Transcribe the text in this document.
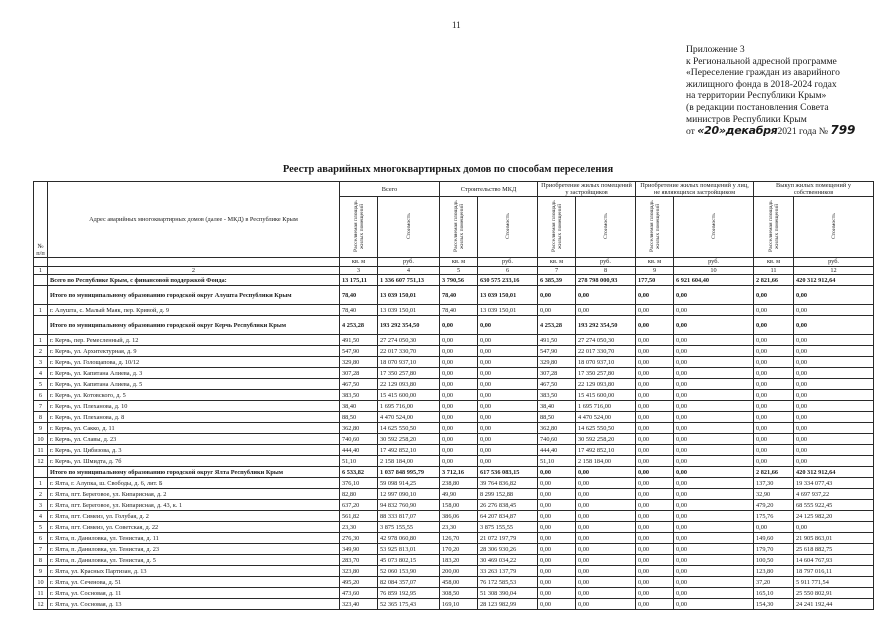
11
Приложение 3
к Региональной адресной программе
«Переселение граждан из аварийного
жилищного фонда в 2018-2024 годах
на территории Республики Крым»
(в редакции постановления Совета
министров Республики Крым
от «20»декабря2021 года № 799
Реестр аварийных многоквартирных домов по способам переселения
№ п/п	Адрес аварийных многоквартирных домов (далее - МКД) в Республике Крым	Всего		Строительство МКД		Приобретение жилых помещений у застройщиков		Приобретение жилых помещений у лиц, не являющихся застройщиком		Выкуп жилых помещений у собственников	
		Расселяемая площадь жилых помещений	Стоимость	Расселяемая площадь жилых помещений	Стоимость	Расселяемая площадь жилых помещений	Стоимость	Расселяемая площадь жилых помещений	Стоимость	Расселяемая площадь жилых помещений	Стоимость
		кв. м	руб.	кв. м	руб.	кв. м	руб.	кв. м	руб.	кв. м	руб.
1	2	3	4	5	6	7	8	9	10	11	12
	Всего по Республике Крым, с финансовой поддержкой Фонда:	13 175,11	1 336 607 751,13	3 790,56	630 575 233,16	6 385,39	278 798 000,93	177,50	6 921 604,40	2 821,66	420 312 912,64
	Итого по муниципальному образованию городской округ Алушта Республики Крым	78,40	13 039 150,01	78,40	13 039 150,01	0,00	0,00	0,00	0,00	0,00	0,00
1	г. Алушта, с. Малый Маяк, пер. Кривой, д. 9	78,40	13 039 150,01	78,40	13 039 150,01	0,00	0,00	0,00	0,00	0,00	0,00
	Итого по муниципальному образованию городской округ Керчь Республики Крым	4 253,28	193 292 354,50	0,00	0,00	4 253,28	193 292 354,50	0,00	0,00	0,00	0,00
1	г. Керчь, пер. Ремесленный, д. 12	491,50	27 274 050,30	0,00	0,00	491,50	27 274 050,30	0,00	0,00	0,00	0,00
2	г. Керчь, ул. Архитектурная, д. 9	547,90	22 017 330,70	0,00	0,00	547,90	22 017 330,70	0,00	0,00	0,00	0,00
3	г. Керчь, ул. Голощапова, д. 10/12	329,80	18 070 937,10	0,00	0,00	329,80	18 070 937,10	0,00	0,00	0,00	0,00
4	г. Керчь, ул. Капитана Алиева, д. 3	307,28	17 350 257,80	0,00	0,00	307,28	17 350 257,80	0,00	0,00	0,00	0,00
5	г. Керчь, ул. Капитана Алиева, д. 5	467,50	22 129 093,80	0,00	0,00	467,50	22 129 093,80	0,00	0,00	0,00	0,00
6	г. Керчь, ул. Котовского, д. 5	383,50	15 415 600,00	0,00	0,00	383,50	15 415 600,00	0,00	0,00	0,00	0,00
7	г. Керчь, ул. Плеханова, д. 10	38,40	1 695 716,00	0,00	0,00	38,40	1 695 716,00	0,00	0,00	0,00	0,00
8	г. Керчь, ул. Плеханова, д. 8	88,50	4 470 524,00	0,00	0,00	88,50	4 470 524,00	0,00	0,00	0,00	0,00
9	г. Керчь, ул. Сакко, д. 11	362,80	14 625 550,50	0,00	0,00	362,80	14 625 550,50	0,00	0,00	0,00	0,00
10	г. Керчь, ул. Славы, д. 23	740,60	30 592 258,20	0,00	0,00	740,60	30 592 258,20	0,00	0,00	0,00	0,00
11	г. Керчь, ул. Цибизова, д. 3	444,40	17 492 852,10	0,00	0,00	444,40	17 492 852,10	0,00	0,00	0,00	0,00
12	г. Керчь, ул. Шмидта, д. 7б	51,10	2 158 184,00	0,00	0,00	51,10	2 158 184,00	0,00	0,00	0,00	0,00
	Итого по муниципальному образованию городской округ Ялта Республики Крым	6 533,82	1 037 848 995,79	3 712,16	617 536 083,15	0,00	0,00	0,00	0,00	2 821,66	420 312 912,64
1	г. Ялта, г. Алупка, ш. Свободы, д. 6, лит. Б	376,10	59 098 914,25	238,80	39 764 836,82	0,00	0,00	0,00	0,00	137,30	19 334 077,43
2	г. Ялта, пгт. Береговое, ул. Кипарисная, д. 2	82,80	12 997 090,10	49,90	8 299 152,88	0,00	0,00	0,00	0,00	32,90	4 697 937,22
3	г. Ялта, пгт. Береговое, ул. Кипарисная, д. 43, к. 1	637,20	94 832 760,90	158,00	26 276 838,45	0,00	0,00	0,00	0,00	479,20	68 555 922,45
4	г. Ялта, пгт. Симеиз, ул. Голубая, д. 2	561,82	88 333 817,07	386,06	64 207 834,87	0,00	0,00	0,00	0,00	175,76	24 125 982,20
5	г. Ялта, пгт. Симеиз, ул. Советская, д. 22	23,30	3 875 155,55	23,30	3 875 155,55	0,00	0,00	0,00	0,00	0,00	0,00
6	г. Ялта, п. Даниловка, ул. Тенистая, д. 11	276,30	42 978 060,80	126,70	21 072 197,79	0,00	0,00	0,00	0,00	149,60	21 905 863,01
7	г. Ялта, п. Даниловка, ул. Тенистая, д. 23	349,90	53 925 813,01	170,20	28 306 930,26	0,00	0,00	0,00	0,00	179,70	25 618 882,75
8	г. Ялта, п. Даниловка, ул. Тенистая, д. 5	283,70	45 073 802,15	183,20	30 469 034,22	0,00	0,00	0,00	0,00	100,50	14 604 767,93
9	г. Ялта, ул. Красных Партизан, д. 13	323,80	52 060 153,90	200,00	33 263 137,79	0,00	0,00	0,00	0,00	123,80	18 797 016,11
10	г. Ялта, ул. Сеченова, д. 51	495,20	82 084 357,07	458,00	76 172 585,53	0,00	0,00	0,00	0,00	37,20	5 911 771,54
11	г. Ялта, ул. Сосновая, д. 11	473,60	76 859 192,95	308,50	51 308 390,04	0,00	0,00	0,00	0,00	165,10	25 550 802,91
12	г. Ялта, ул. Сосновая, д. 13	323,40	52 365 175,43	169,10	28 123 982,99	0,00	0,00	0,00	0,00	154,30	24 241 192,44
